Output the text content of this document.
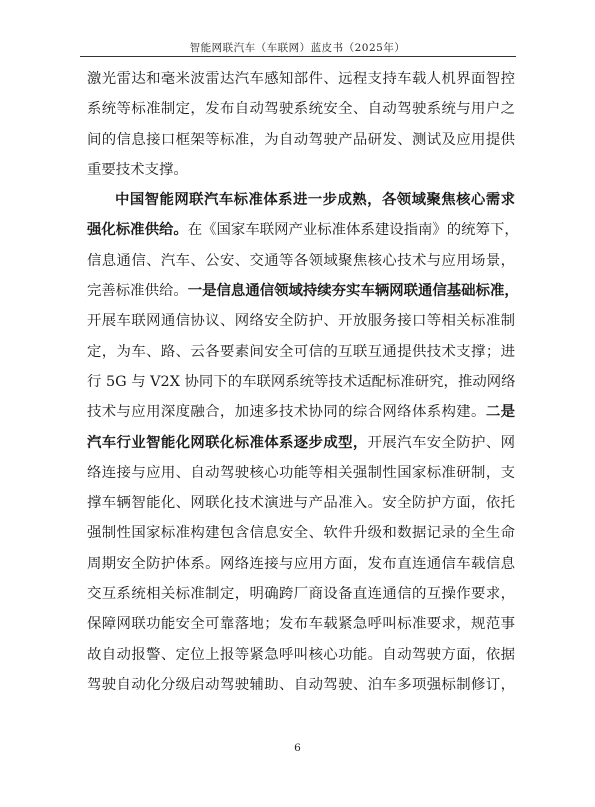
智能网联汽车（车联网）蓝皮书（2025年）
激光雷达和毫米波雷达汽车感知部件、远程支持车载人机界面智控
系统等标准制定，发布自动驾驶系统安全、自动驾驶系统与用户之
间的信息接口框架等标准，为自动驾驶产品研发、测试及应用提供
重要技术支撑。
中国智能网联汽车标准体系进一步成熟，各领域聚焦核心需求
强化标准供给。在《国家车联网产业标准体系建设指南》的统筹下，
信息通信、汽车、公安、交通等各领域聚焦核心技术与应用场景，
完善标准供给。一是信息通信领域持续夯实车辆网联通信基础标准，
开展车联网通信协议、网络安全防护、开放服务接口等相关标准制
定，为车、路、云各要素间安全可信的互联互通提供技术支撑；进
行 5G 与 V2X 协同下的车联网系统等技术适配标准研究，推动网络
技术与应用深度融合，加速多技术协同的综合网络体系构建。二是
汽车行业智能化网联化标准体系逐步成型，开展汽车安全防护、网
络连接与应用、自动驾驶核心功能等相关强制性国家标准研制，支
撑车辆智能化、网联化技术演进与产品准入。安全防护方面，依托
强制性国家标准构建包含信息安全、软件升级和数据记录的全生命
周期安全防护体系。网络连接与应用方面，发布直连通信车载信息
交互系统相关标准制定，明确跨厂商设备直连通信的互操作要求，
保障网联功能安全可靠落地；发布车载紧急呼叫标准要求，规范事
故自动报警、定位上报等紧急呼叫核心功能。自动驾驶方面，依据
驾驶自动化分级启动驾驶辅助、自动驾驶、泊车多项强标制修订，
6
